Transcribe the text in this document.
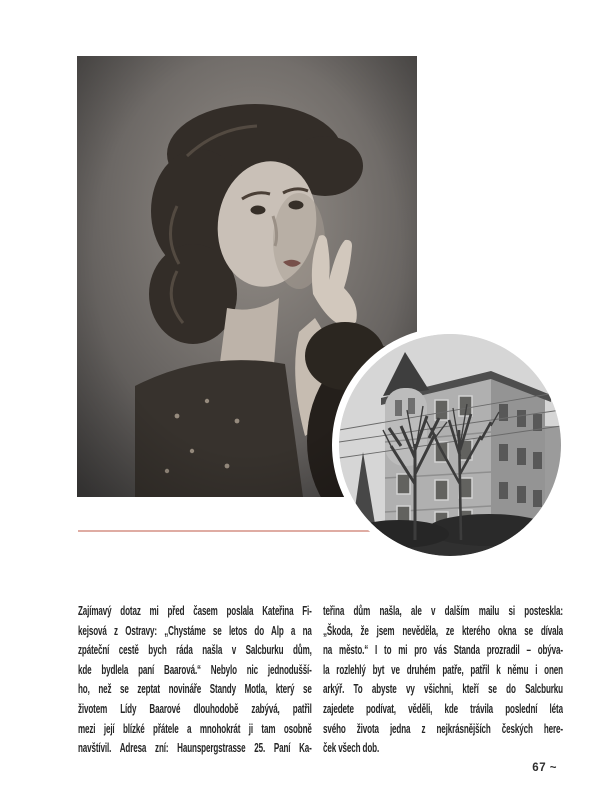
Zajímavý dotaz mi před časem poslala Kateřina Fi-
kejsová z Ostravy: „Chystáme se letos do Alp a na
zpáteční cestě bych ráda našla v Salcburku dům,
kde bydlela paní Baarová.“ Nebylo nic jednodušší-
ho, než se zeptat novináře Standy Motla, který se
životem Lídy Baarové dlouhodobě zabývá, patřil
mezi její blízké přátele a mnohokrát ji tam osobně
navštívil. Adresa zní: Haunspergstrasse 25. Paní Ka-
teřina dům našla, ale v dalším mailu si posteskla:
„Škoda, že jsem nevěděla, ze kterého okna se dívala
na město.“ I to mi pro vás Standa prozradil – obýva-
la rozlehlý byt ve druhém patře, patřil k němu i onen
arkýř. To abyste vy všichni, kteří se do Salcburku
zajedete podívat, věděli, kde trávila poslední léta
svého života jedna z nejkrásnějších českých here-
ček všech dob.
67 ~
